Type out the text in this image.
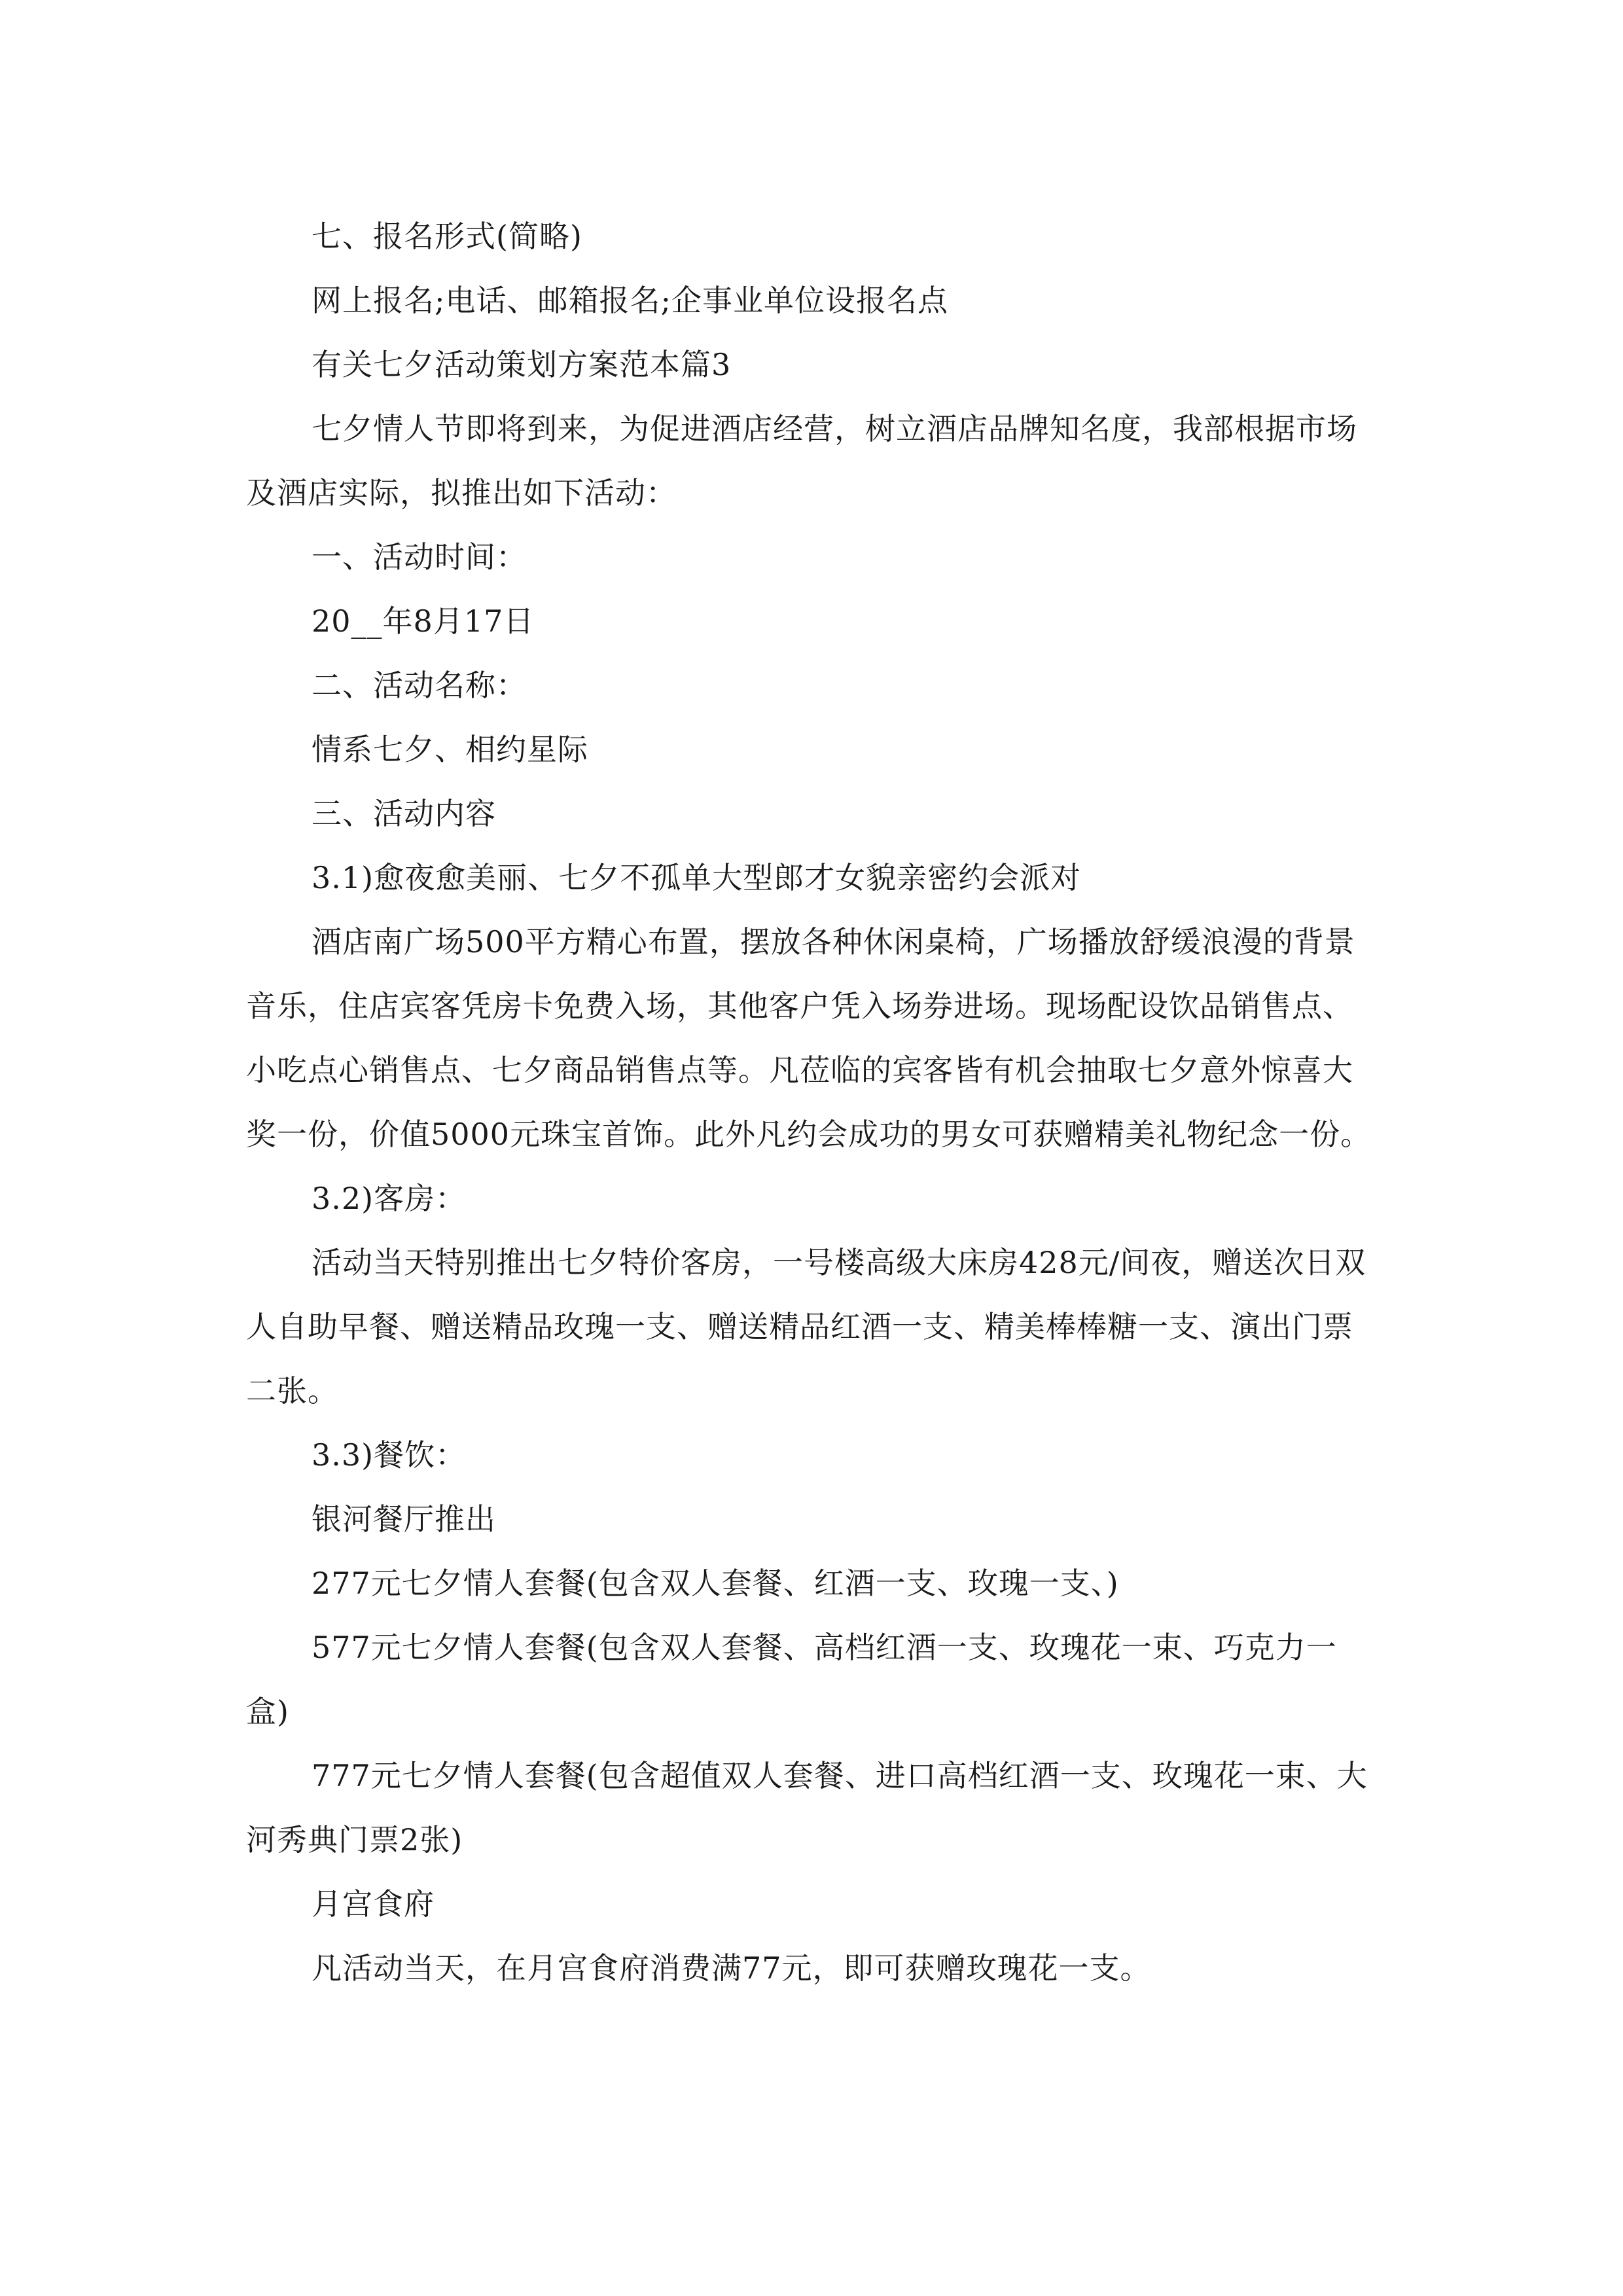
七、报名形式(简略)

网上报名;电话、邮箱报名;企事业单位设报名点

有关七夕活动策划方案范本篇3

七夕情人节即将到来，为促进酒店经营，树立酒店品牌知名度，我部根据市场及酒店实际，拟推出如下活动：

一、活动时间：

20__年8月17日

二、活动名称：

情系七夕、相约星际

三、活动内容

3.1)愈夜愈美丽、七夕不孤单大型郎才女貌亲密约会派对

酒店南广场500平方精心布置，摆放各种休闲桌椅，广场播放舒缓浪漫的背景音乐，住店宾客凭房卡免费入场，其他客户凭入场券进场。现场配设饮品销售点、小吃点心销售点、七夕商品销售点等。凡莅临的宾客皆有机会抽取七夕意外惊喜大奖一份，价值5000元珠宝首饰。此外凡约会成功的男女可获赠精美礼物纪念一份。

3.2)客房：

活动当天特别推出七夕特价客房，一号楼高级大床房428元/间夜，赠送次日双人自助早餐、赠送精品玫瑰一支、赠送精品红酒一支、精美棒棒糖一支、演出门票二张。

3.3)餐饮：

银河餐厅推出

277元七夕情人套餐(包含双人套餐、红酒一支、玫瑰一支、)

577元七夕情人套餐(包含双人套餐、高档红酒一支、玫瑰花一束、巧克力一盒)

777元七夕情人套餐(包含超值双人套餐、进口高档红酒一支、玫瑰花一束、大河秀典门票2张)

月宫食府

凡活动当天，在月宫食府消费满77元，即可获赠玫瑰花一支。
